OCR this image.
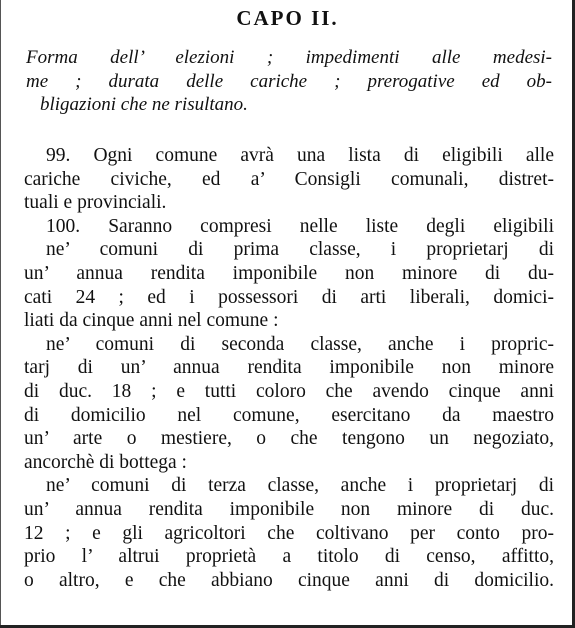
CAPO II.
Forma dell’ elezioni ; impedimenti alle medesi-
me ; durata delle cariche ; prerogative ed ob-
bligazioni che ne risultano.
99. Ogni comune avrà una lista di eligibili alle
cariche civiche, ed a’ Consigli comunali, distret-
tuali e provinciali.
100. Saranno compresi nelle liste degli eligibili
ne’ comuni di prima classe, i proprietarj di
un’ annua rendita imponibile non minore di du-
cati 24 ; ed i possessori di arti liberali, domici-
liati da cinque anni nel comune :
ne’ comuni di seconda classe, anche i propric-
tarj di un’ annua rendita imponibile non minore
di duc. 18 ; e tutti coloro che avendo cinque anni
di domicilio nel comune, esercitano da maestro
un’ arte o mestiere, o che tengono un negoziato,
ancorchè di bottega :
ne’ comuni di terza classe, anche i proprietarj di
un’ annua rendita imponibile non minore di duc.
12 ; e gli agricoltori che coltivano per conto pro-
prio l’ altrui proprietà a titolo di censo, affitto,
o altro, e che abbiano cinque anni di domicilio.
